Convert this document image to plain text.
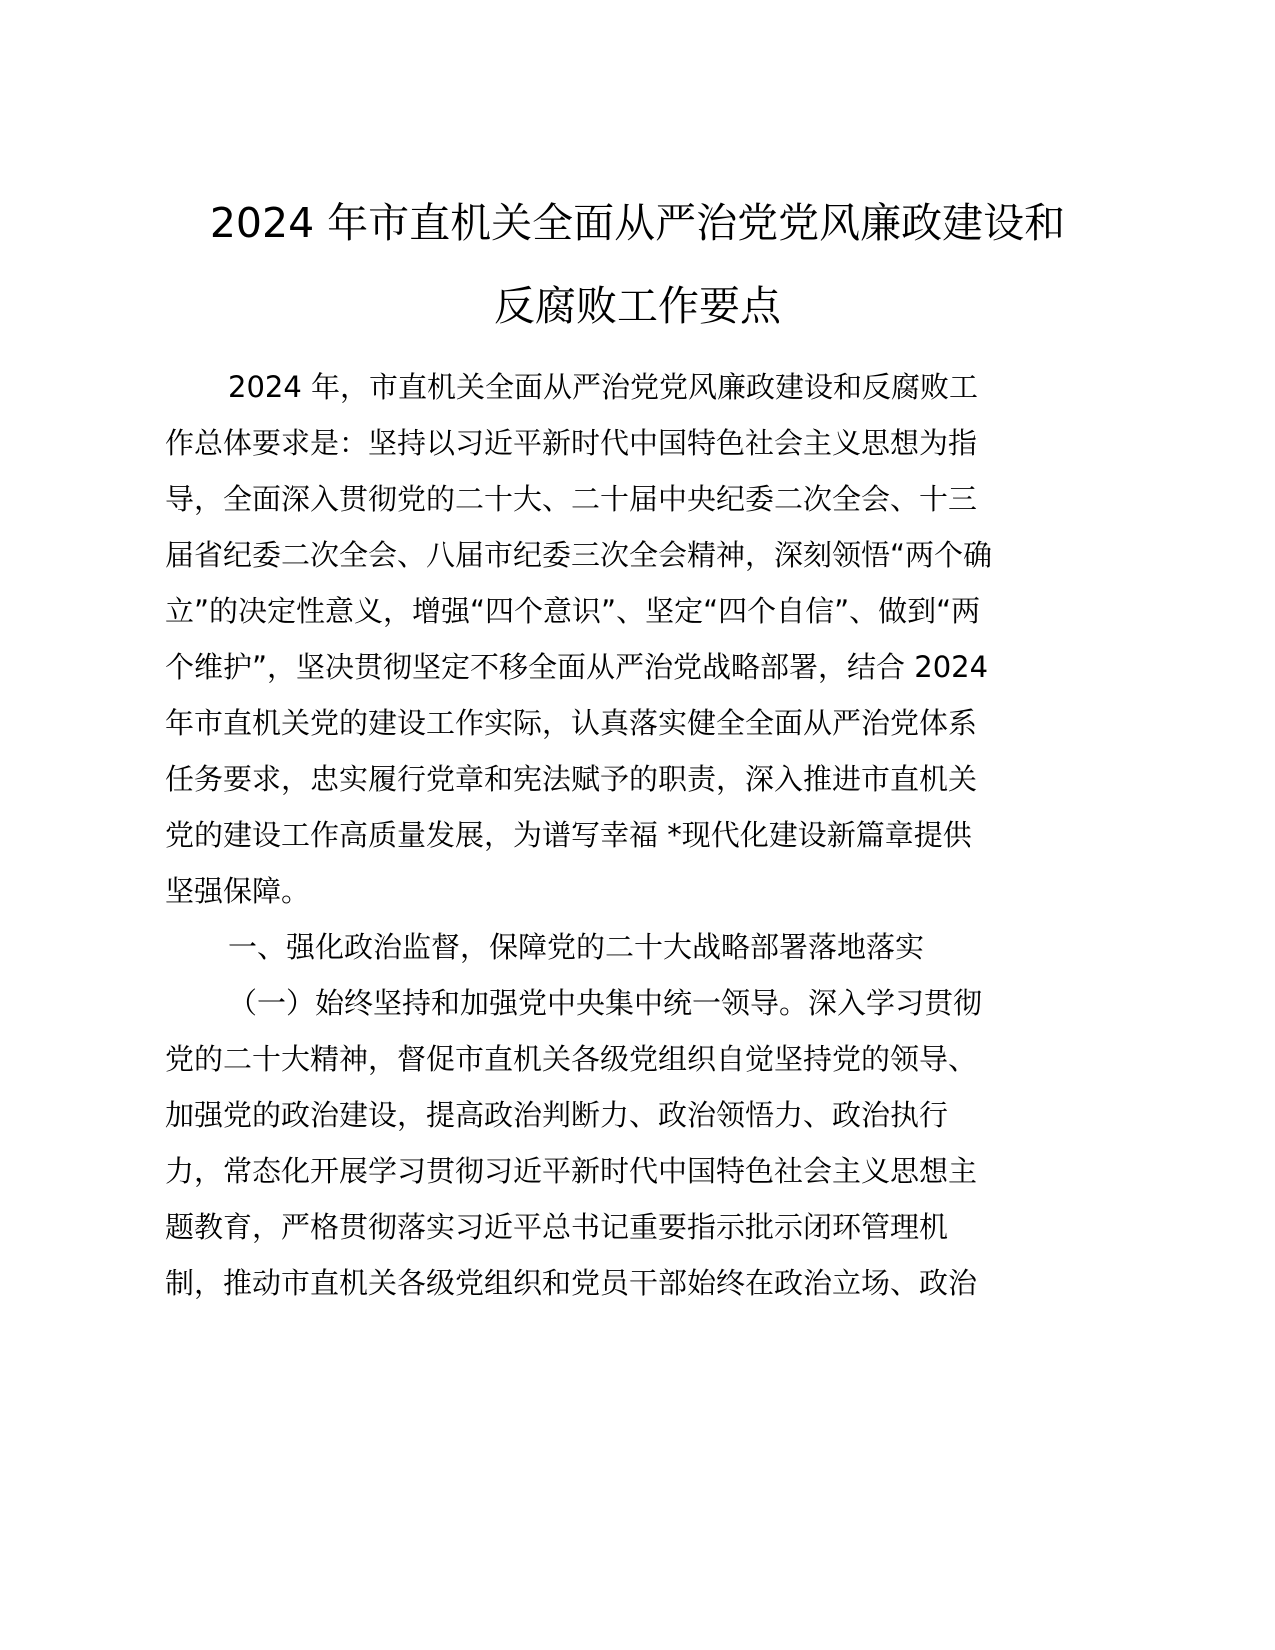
2024 年市直机关全面从严治党党风廉政建设和
反腐败工作要点

2024 年，市直机关全面从严治党党风廉政建设和反腐败工

作总体要求是：坚持以习近平新时代中国特色社会主义思想为指

导，全面深入贯彻党的二十大、二十届中央纪委二次全会、十三

届省纪委二次全会、八届市纪委三次全会精神，深刻领悟“两个确

立”的决定性意义，增强“四个意识”、坚定“四个自信”、做到“两

个维护”，坚决贯彻坚定不移全面从严治党战略部署，结合 2024

年市直机关党的建设工作实际，认真落实健全全面从严治党体系

任务要求，忠实履行党章和宪法赋予的职责，深入推进市直机关

党的建设工作高质量发展，为谱写幸福 *现代化建设新篇章提供

坚强保障。

一、强化政治监督，保障党的二十大战略部署落地落实

（一）始终坚持和加强党中央集中统一领导。深入学习贯彻

党的二十大精神，督促市直机关各级党组织自觉坚持党的领导、

加强党的政治建设，提高政治判断力、政治领悟力、政治执行

力，常态化开展学习贯彻习近平新时代中国特色社会主义思想主

题教育，严格贯彻落实习近平总书记重要指示批示闭环管理机

制，推动市直机关各级党组织和党员干部始终在政治立场、政治
